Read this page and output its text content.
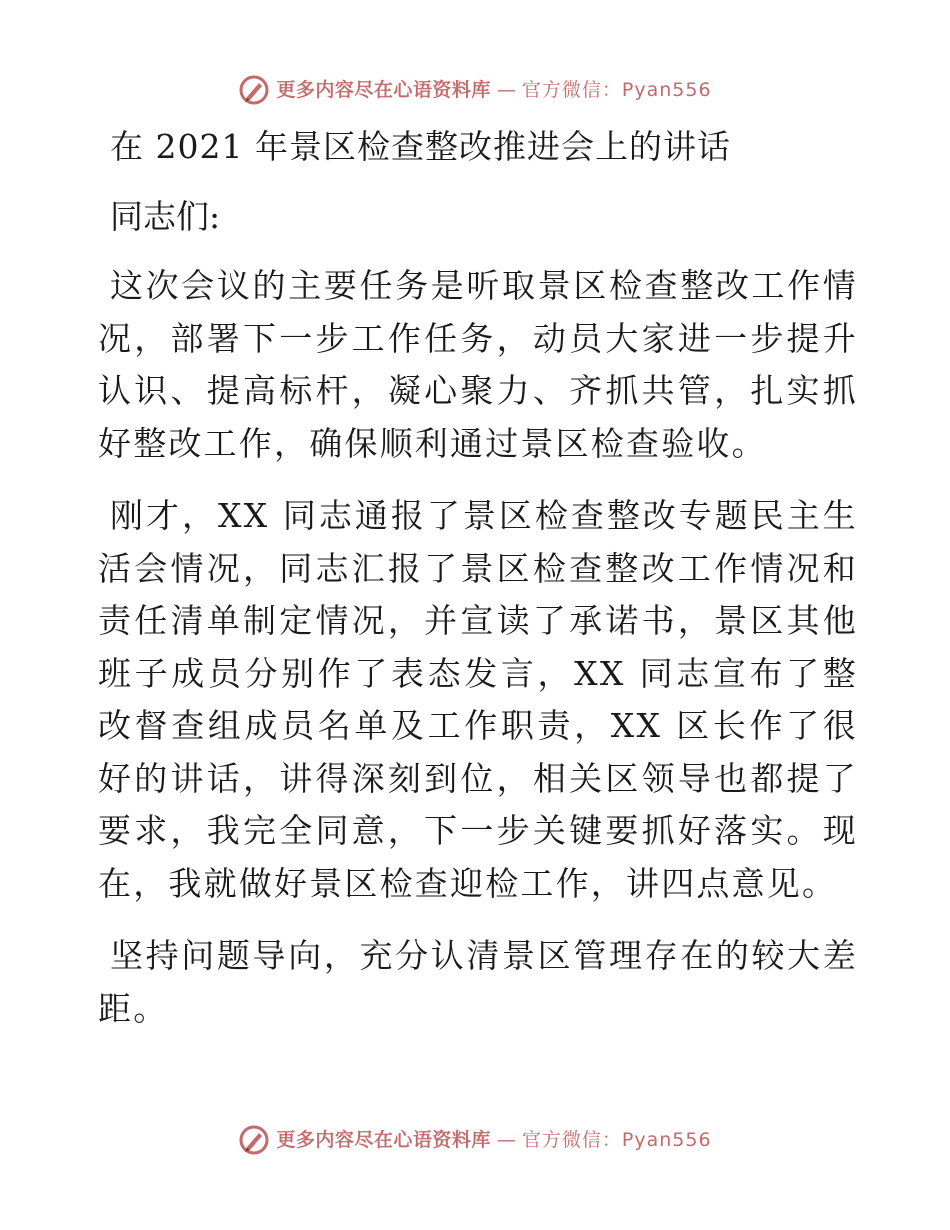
更多内容尽在心语资料库 — 官方微信：Pyan556
在 2021 年景区检查整改推进会上的讲话
同志们:

这次会议的主要任务是听取景区检查整改工作情况，部署下一步工作任务，动员大家进一步提升认识、提高标杆，凝心聚力、齐抓共管，扎实抓好整改工作，确保顺利通过景区检查验收。

刚才，XX 同志通报了景区检查整改专题民主生活会情况，同志汇报了景区检查整改工作情况和责任清单制定情况，并宣读了承诺书，景区其他班子成员分别作了表态发言，XX 同志宣布了整改督查组成员名单及工作职责，XX 区长作了很好的讲话，讲得深刻到位，相关区领导也都提了要求，我完全同意，下一步关键要抓好落实。现在，我就做好景区检查迎检工作，讲四点意见。

坚持问题导向，充分认清景区管理存在的较大差距。

更多内容尽在心语资料库 — 官方微信：Pyan556
